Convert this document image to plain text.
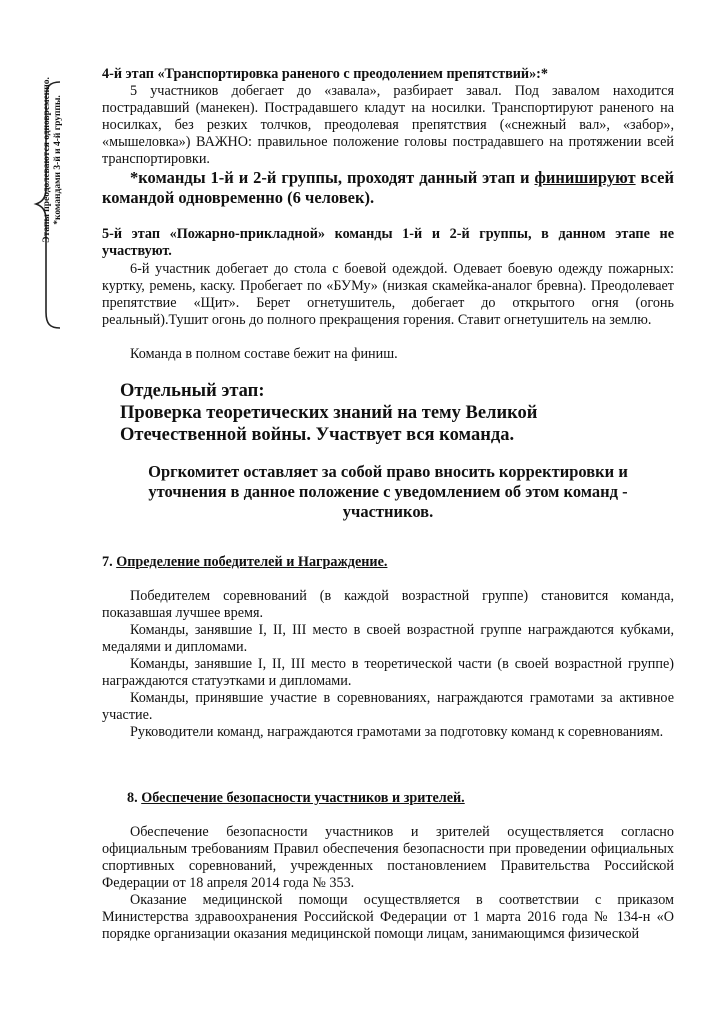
Этапы преодолеваются одновременно. *командами 3-й и 4-й группы.
4-й этап «Транспортировка раненого с преодолением препятствий»:*
5 участников добегает до «завала», разбирает завал. Под завалом находится пострадавший (манекен). Пострадавшего кладут на носилки. Транспортируют раненого на носилках, без резких толчков, преодолевая препятствия («снежный вал», «забор», «мышеловка») ВАЖНО: правильное положение головы пострадавшего на протяжении всей транспортировки.
*команды 1-й и 2-й группы, проходят данный этап и финишируют всей командой одновременно (6 человек).
5-й этап «Пожарно-прикладной» команды 1-й и 2-й группы, в данном этапе не участвуют.
6-й участник добегает до стола с боевой одеждой. Одевает боевую одежду пожарных: куртку, ремень, каску. Пробегает по «БУМу» (низкая скамейка-аналог бревна). Преодолевает препятствие «Щит». Берет огнетушитель, добегает до открытого огня (огонь реальный).Тушит огонь до полного прекращения горения. Ставит огнетушитель на землю.
Команда в полном составе бежит на финиш.
Отдельный этап:
Проверка теоретических знаний на тему Великой
Отечественной войны. Участвует вся команда.
Оргкомитет оставляет за собой право вносить корректировки и
уточнения в данное положение с уведомлением об этом команд -
участников.
7. Определение победителей и Награждение.
Победителем соревнований (в каждой возрастной группе) становится команда, показавшая лучшее время.
Команды, занявшие I, II, III место в своей возрастной группе награждаются кубками, медалями и дипломами.
Команды, занявшие I, II, III место в теоретической части (в своей возрастной группе) награждаются статуэтками и дипломами.
Команды, принявшие участие в соревнованиях, награждаются грамотами за активное участие.
Руководители команд, награждаются грамотами за подготовку команд к соревнованиям.
8. Обеспечение безопасности участников и зрителей.
Обеспечение безопасности участников и зрителей осуществляется согласно официальным требованиям Правил обеспечения безопасности при проведении официальных спортивных соревнований, учрежденных постановлением Правительства Российской Федерации от 18 апреля 2014 года № 353.
Оказание медицинской помощи осуществляется в соответствии с приказом Министерства здравоохранения Российской Федерации от 1 марта 2016 года № 134-н «О порядке организации оказания медицинской помощи лицам, занимающимся физической
